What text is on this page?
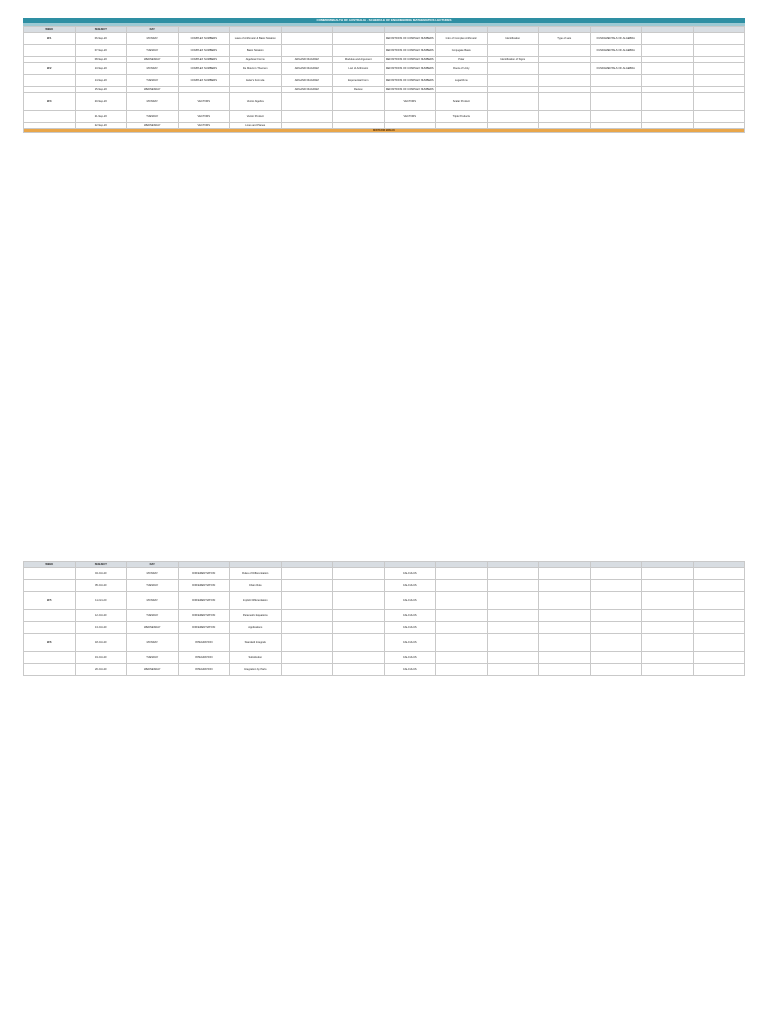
COMMONWEALTH OF AUSTRALIA · SCHEDULE OF ENGINEERING MATHEMATICS LECTURES
WEEK	SUBJECT	DAY											
W.1	06-Sep-20	MONDAY	COMPLEX NUMBERS	Laws of Arithmetic & Basic Notation			DEFINITIONS OF COMPLEX NUMBERS	Intro of Complex Arithmetic	Identification	Type of sets	FUNDAMENTALS OF ALGEBRA		
	07-Sep-20	TUESDAY	COMPLEX NUMBERS	Basic Notation			DEFINITIONS OF COMPLEX NUMBERS	Conjugate Basis			FUNDAMENTALS OF ALGEBRA		
	08-Sep-20	WEDNESDAY	COMPLEX NUMBERS	Algebraic Forms	ARGAND DIAGRAM	Modulus and Argument	DEFINITIONS OF COMPLEX NUMBERS	Polar	Identification of Signs				
W.2	13-Sep-20	MONDAY	COMPLEX NUMBERS	De Moivre's Theorem	ARGAND DIAGRAM	Loci of Arithmetic	DEFINITIONS OF COMPLEX NUMBERS	Roots of Unity			FUNDAMENTALS OF ALGEBRA		
	14-Sep-20	TUESDAY	COMPLEX NUMBERS	Euler's Formula	ARGAND DIAGRAM	Exponential Form	DEFINITIONS OF COMPLEX NUMBERS	Logarithms					
	15-Sep-20	WEDNESDAY			ARGAND DIAGRAM	Review	DEFINITIONS OF COMPLEX NUMBERS						
W.3	20-Sep-20	MONDAY	VECTORS	Vector Algebra			VECTORS	Scalar Product					
	21-Sep-20	TUESDAY	VECTORS	Vector Product			VECTORS	Triple Products					
	22-Sep-20	WEDNESDAY	VECTORS	Lines and Planes									
MIDTERM BREAK													
WEEK	SUBJECT	DAY											
	04-Oct-20	MONDAY	DIFFERENTIATION	Rules of Differentiation			CALCULUS						
	05-Oct-20	TUESDAY	DIFFERENTIATION	Chain Rule			CALCULUS						
W.5	11-Oct-20	MONDAY	DIFFERENTIATION	Implicit Differentiation			CALCULUS						
	12-Oct-20	TUESDAY	DIFFERENTIATION	Parametric Equations			CALCULUS						
	13-Oct-20	WEDNESDAY	DIFFERENTIATION	Applications			CALCULUS						
W.6	18-Oct-20	MONDAY	INTEGRATION	Standard Integrals			CALCULUS						
	19-Oct-20	TUESDAY	INTEGRATION	Substitution			CALCULUS						
	20-Oct-20	WEDNESDAY	INTEGRATION	Integration by Parts			CALCULUS						
